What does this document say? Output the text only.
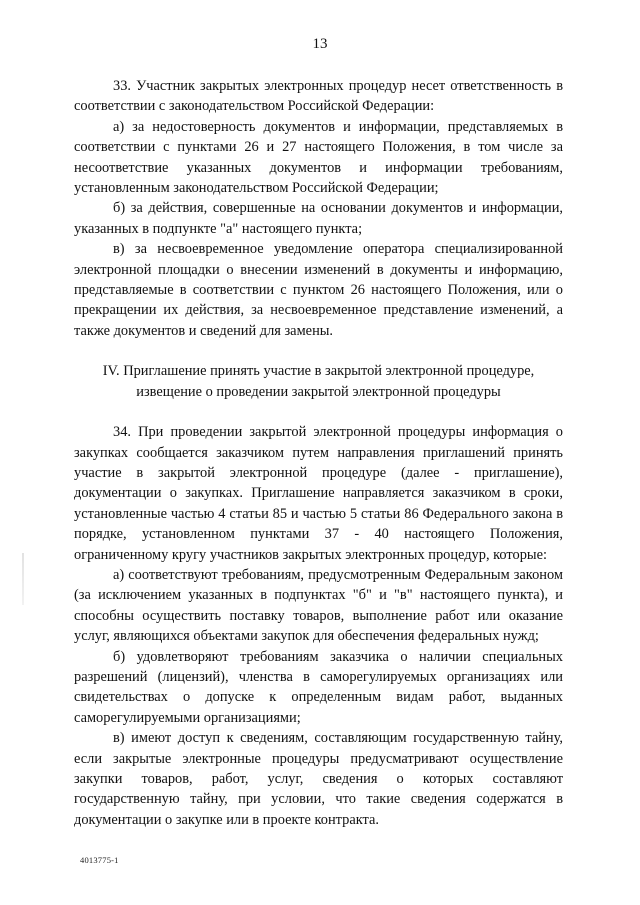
13

33. Участник закрытых электронных процедур несет ответственность в соответствии с законодательством Российской Федерации:

а) за недостоверность документов и информации, представляемых в соответствии с пунктами 26 и 27 настоящего Положения, в том числе за несоответствие указанных документов и информации требованиям, установленным законодательством Российской Федерации;

б) за действия, совершенные на основании документов и информации, указанных в подпункте "а" настоящего пункта;

в) за несвоевременное уведомление оператора специализированной электронной площадки о внесении изменений в документы и информацию, представляемые в соответствии с пунктом 26 настоящего Положения, или о прекращении их действия, за несвоевременное представление изменений, а также документов и сведений для замены.

IV. Приглашение принять участие в закрытой электронной процедуре,
извещение о проведении закрытой электронной процедуры

34. При проведении закрытой электронной процедуры информация о закупках сообщается заказчиком путем направления приглашений принять участие в закрытой электронной процедуре (далее - приглашение), документации о закупках. Приглашение направляется заказчиком в сроки, установленные частью 4 статьи 85 и частью 5 статьи 86 Федерального закона в порядке, установленном пунктами 37 - 40 настоящего Положения, ограниченному кругу участников закрытых электронных процедур, которые:

а) соответствуют требованиям, предусмотренным Федеральным законом (за исключением указанных в подпунктах "б" и "в" настоящего пункта), и способны осуществить поставку товаров, выполнение работ или оказание услуг, являющихся объектами закупок для обеспечения федеральных нужд;

б) удовлетворяют требованиям заказчика о наличии специальных разрешений (лицензий), членства в саморегулируемых организациях или свидетельствах о допуске к определенным видам работ, выданных саморегулируемыми организациями;

в) имеют доступ к сведениям, составляющим государственную тайну, если закрытые электронные процедуры предусматривают осуществление закупки товаров, работ, услуг, сведения о которых составляют государственную тайну, при условии, что такие сведения содержатся в документации о закупке или в проекте контракта.

4013775-1
